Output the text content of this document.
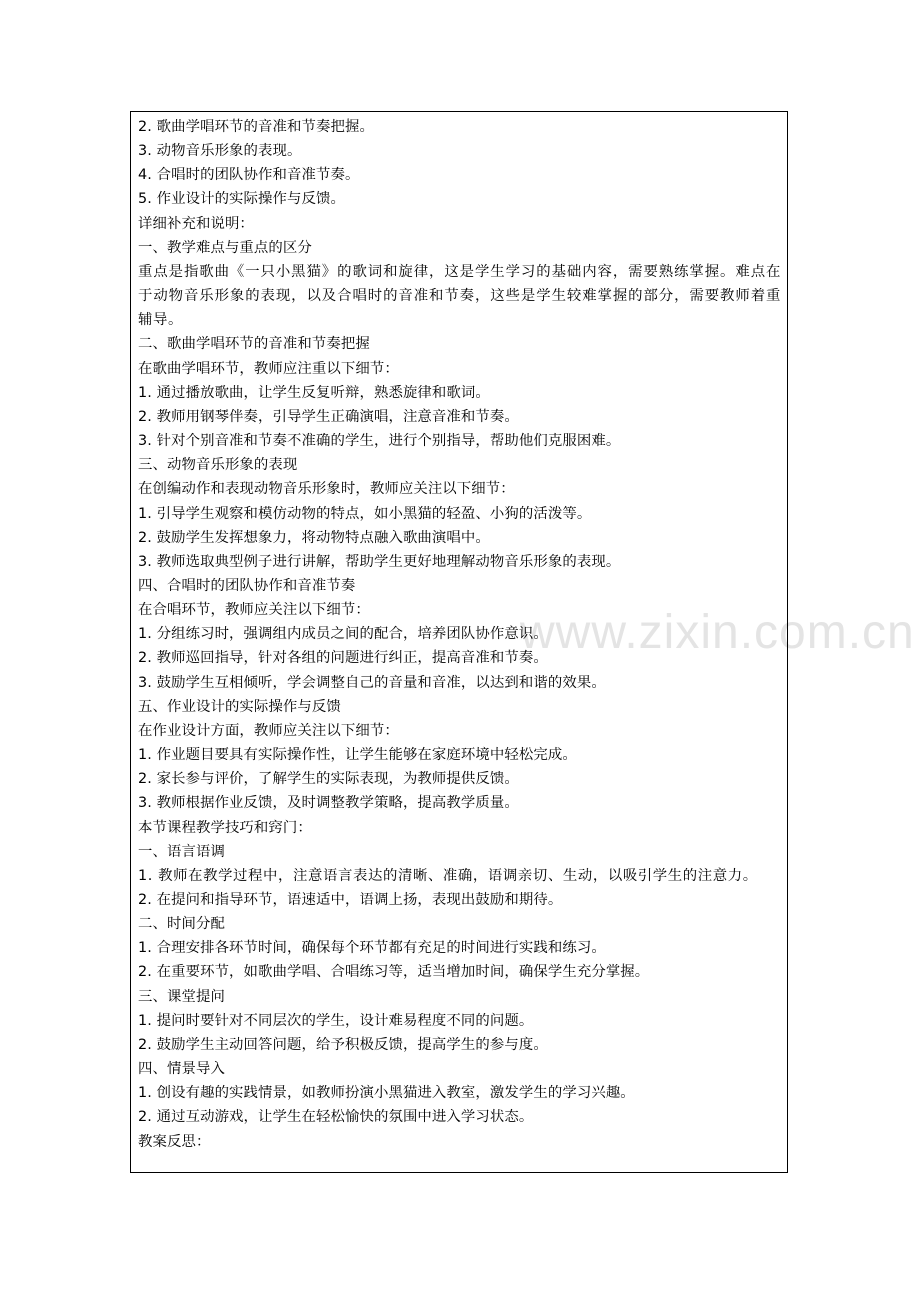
www.zixin.com.cn
2. 歌曲学唱环节的音准和节奏把握。
3. 动物音乐形象的表现。
4. 合唱时的团队协作和音准节奏。
5. 作业设计的实际操作与反馈。
详细补充和说明：
一、教学难点与重点的区分
重点是指歌曲《一只小黑猫》的歌词和旋律，这是学生学习的基础内容，需要熟练掌握。难点在于动物音乐形象的表现，以及合唱时的音准和节奏，这些是学生较难掌握的部分，需要教师着重辅导。
二、歌曲学唱环节的音准和节奏把握
在歌曲学唱环节，教师应注重以下细节：
1. 通过播放歌曲，让学生反复听辩，熟悉旋律和歌词。
2. 教师用钢琴伴奏，引导学生正确演唱，注意音准和节奏。
3. 针对个别音准和节奏不准确的学生，进行个别指导，帮助他们克服困难。
三、动物音乐形象的表现
在创编动作和表现动物音乐形象时，教师应关注以下细节：
1. 引导学生观察和模仿动物的特点，如小黑猫的轻盈、小狗的活泼等。
2. 鼓励学生发挥想象力，将动物特点融入歌曲演唱中。
3. 教师选取典型例子进行讲解，帮助学生更好地理解动物音乐形象的表现。
四、合唱时的团队协作和音准节奏
在合唱环节，教师应关注以下细节：
1. 分组练习时，强调组内成员之间的配合，培养团队协作意识。
2. 教师巡回指导，针对各组的问题进行纠正，提高音准和节奏。
3. 鼓励学生互相倾听，学会调整自己的音量和音准，以达到和谐的效果。
五、作业设计的实际操作与反馈
在作业设计方面，教师应关注以下细节：
1. 作业题目要具有实际操作性，让学生能够在家庭环境中轻松完成。
2. 家长参与评价，了解学生的实际表现，为教师提供反馈。
3. 教师根据作业反馈，及时调整教学策略，提高教学质量。
本节课程教学技巧和窍门：
一、语言语调
1. 教师在教学过程中，注意语言表达的清晰、准确，语调亲切、生动，以吸引学生的注意力。
2. 在提问和指导环节，语速适中，语调上扬，表现出鼓励和期待。
二、时间分配
1. 合理安排各环节时间，确保每个环节都有充足的时间进行实践和练习。
2. 在重要环节，如歌曲学唱、合唱练习等，适当增加时间，确保学生充分掌握。
三、课堂提问
1. 提问时要针对不同层次的学生，设计难易程度不同的问题。
2. 鼓励学生主动回答问题，给予积极反馈，提高学生的参与度。
四、情景导入
1. 创设有趣的实践情景，如教师扮演小黑猫进入教室，激发学生的学习兴趣。
2. 通过互动游戏，让学生在轻松愉快的氛围中进入学习状态。
教案反思：
